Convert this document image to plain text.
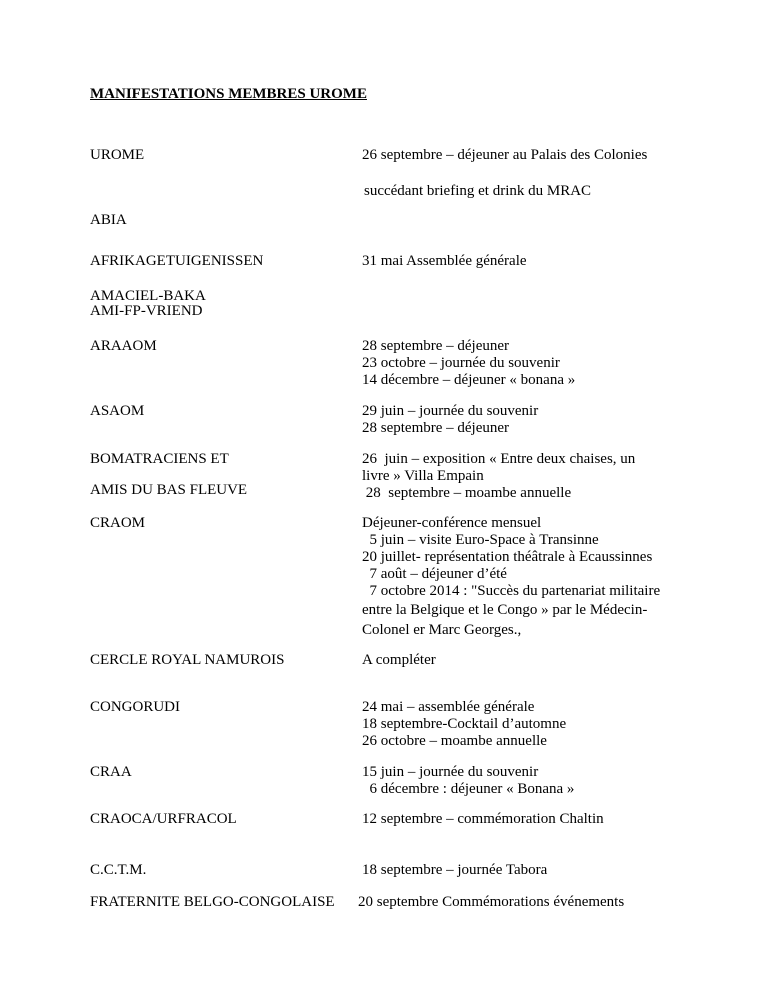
MANIFESTATIONS MEMBRES UROME
UROME	26 septembre – déjeuner au Palais des Colonies
succédant briefing et drink du MRAC
ABIA
AFRIKAGETUIGENISSEN	31 mai Assemblée générale
AMACIEL-BAKA
AMI-FP-VRIEND
ARAAOM	28 septembre – déjeuner
23 octobre – journée du souvenir
14 décembre – déjeuner « bonana »
ASAOM	29 juin – journée du souvenir
28 septembre – déjeuner
BOMATRACIENS ET	26  juin – exposition « Entre deux chaises, un
livre » Villa Empain
AMIS DU BAS FLEUVE	28  septembre – moambe annuelle
CRAOM	Déjeuner-conférence mensuel
5 juin – visite Euro-Space à Transinne
20 juillet- représentation théâtrale à Ecaussinnes
7 août – déjeuner d’été
7 octobre 2014 : "Succès du partenariat militaire
entre la Belgique et le Congo » par le Médecin-
Colonel er Marc Georges.,
CERCLE ROYAL NAMUROIS	A compléter
CONGORUDI	24 mai – assemblée générale
18 septembre-Cocktail d’automne
26 octobre – moambe annuelle
CRAA	15 juin – journée du souvenir
6 décembre : déjeuner « Bonana »
CRAOCA/URFRACOL	12 septembre – commémoration Chaltin
C.C.T.M.	18 septembre – journée Tabora
FRATERNITE BELGO-CONGOLAISE 20 septembre Commémorations événements
